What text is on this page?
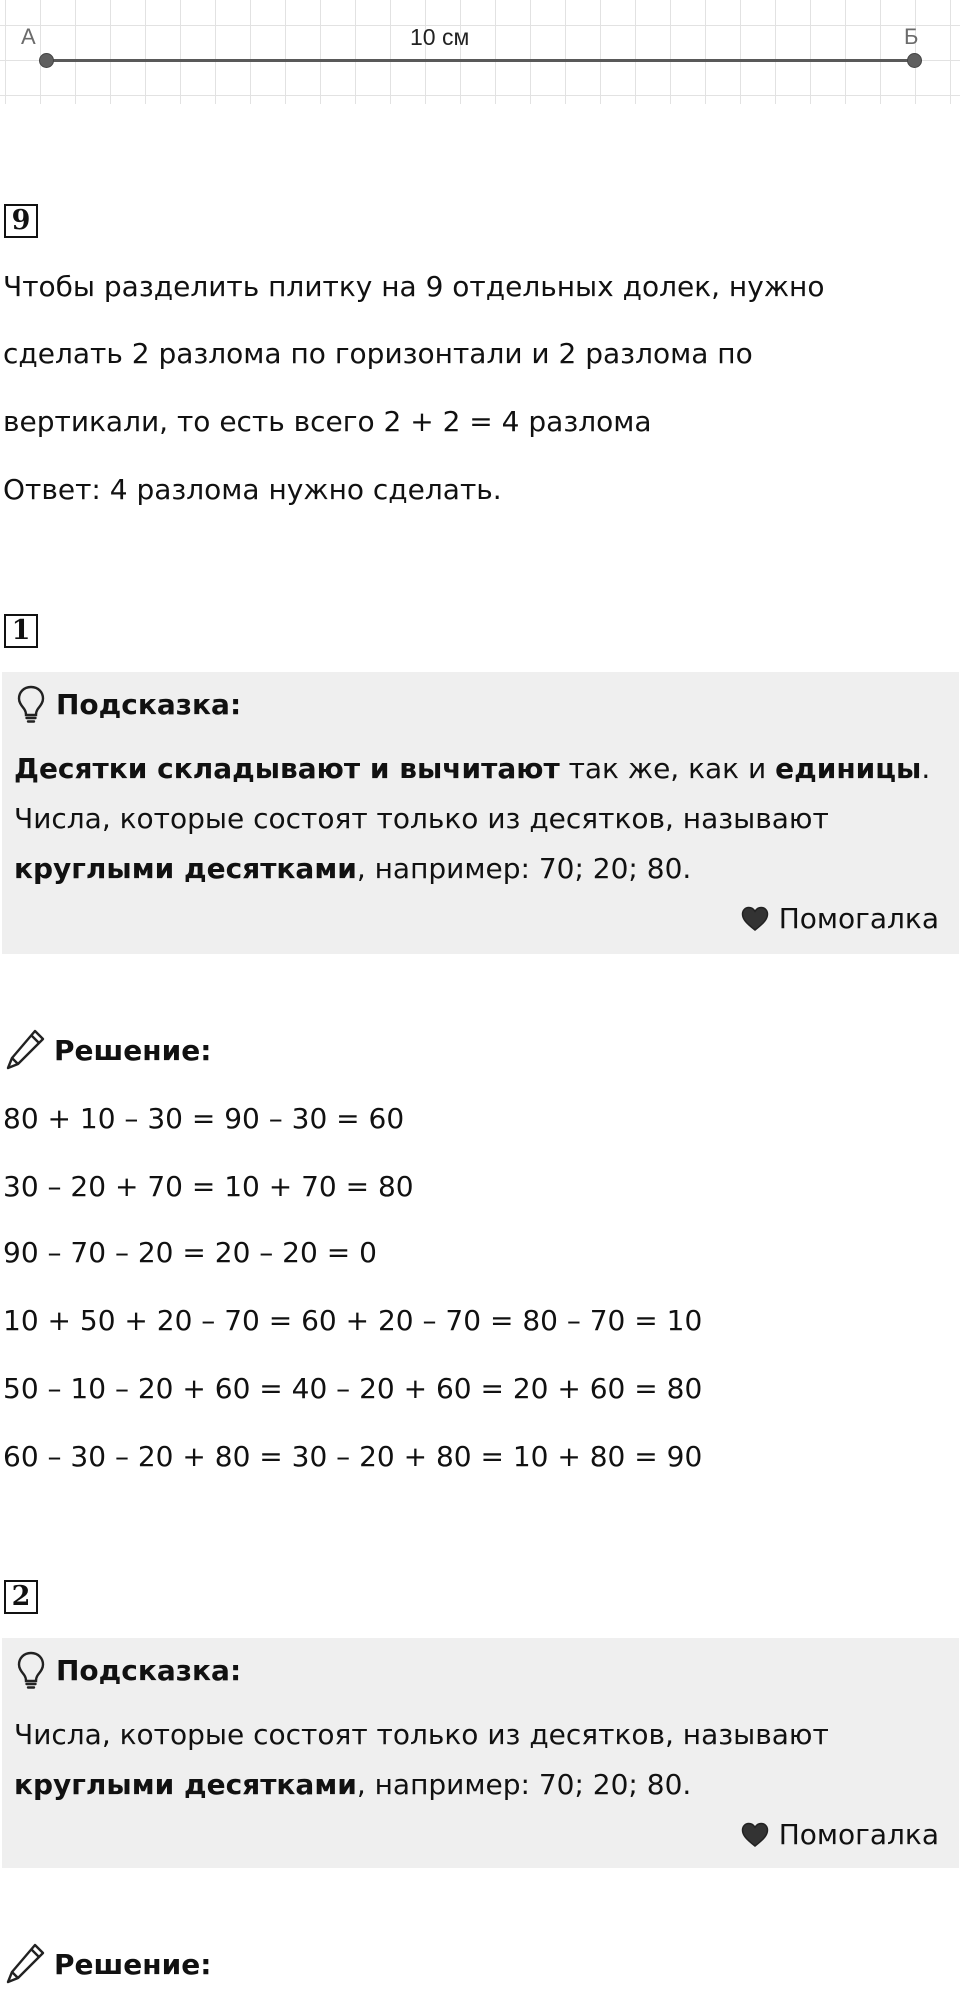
А	Б
10 см
9
Чтобы разделить плитку на 9 отдельных долек, нужно
сделать 2 разлома по горизонтали и 2 разлома по
вертикали, то есть всего 2 + 2 = 4 разлома
Ответ: 4 разлома нужно сделать.
1
Подсказка:
Десятки складывают и вычитают так же, как и единицы.
Числа, которые состоят только из десятков, называют
круглыми десятками, например: 70; 20; 80.
Помогалка
Решение:
80 + 10 – 30 = 90 – 30 = 60
30 – 20 + 70 = 10 + 70 = 80
90 – 70 – 20 = 20 – 20 = 0
10 + 50 + 20 – 70 = 60 + 20 – 70 = 80 – 70 = 10
50 – 10 – 20 + 60 = 40 – 20 + 60 = 20 + 60 = 80
60 – 30 – 20 + 80 = 30 – 20 + 80 = 10 + 80 = 90
2
Подсказка:
Числа, которые состоят только из десятков, называют
круглыми десятками, например: 70; 20; 80.
Помогалка
Решение:
